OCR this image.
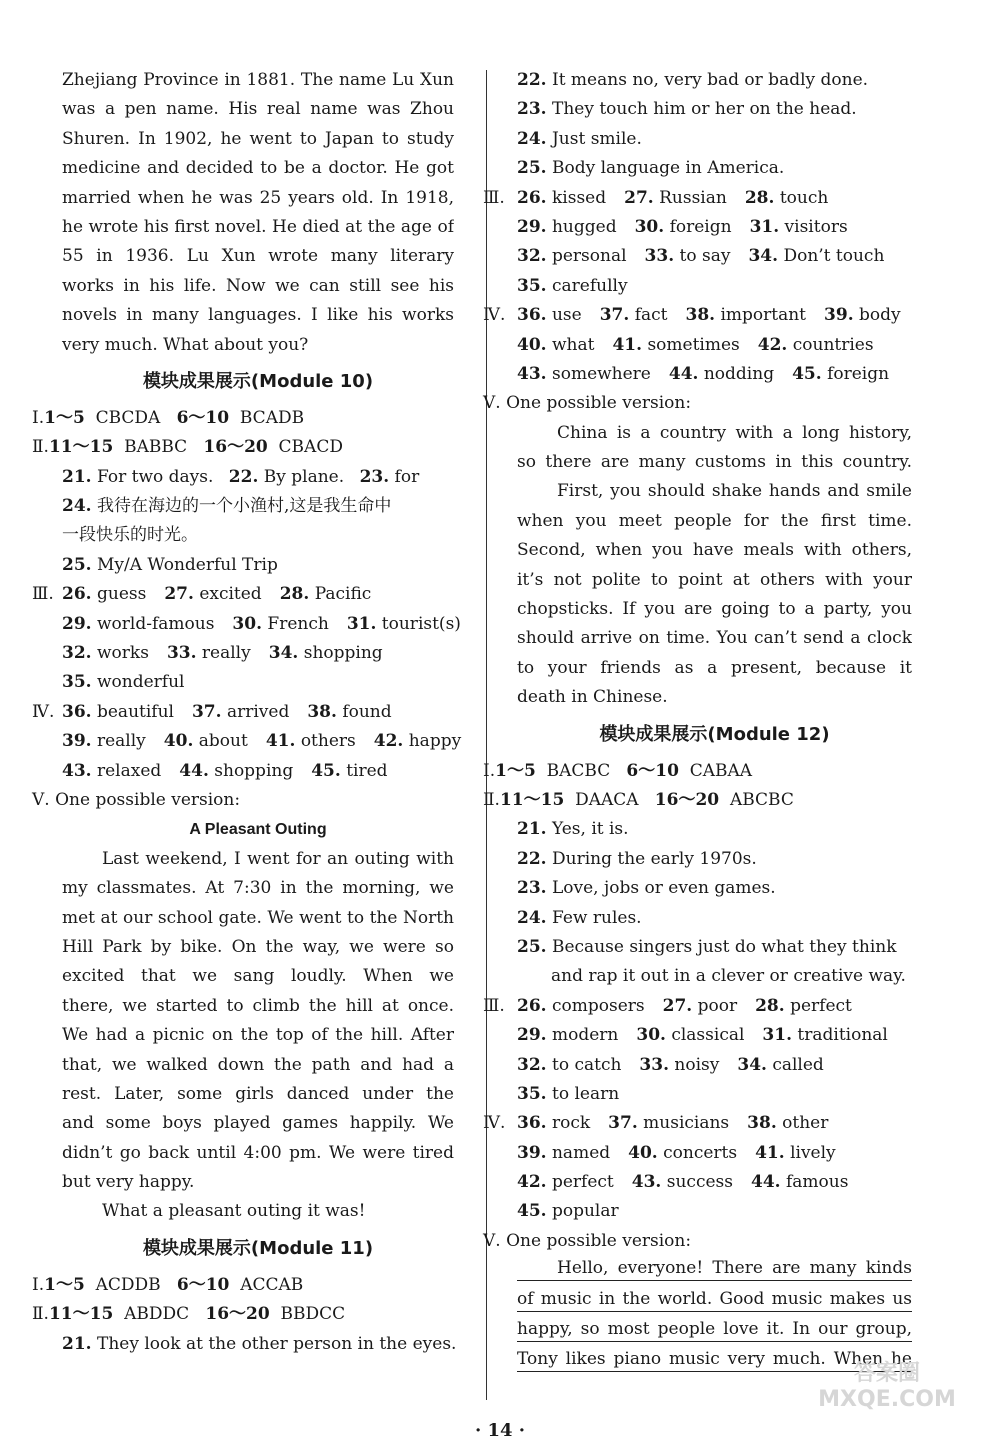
Zhejiang Province in 1881. The name Lu Xun
was a pen name. His real name was Zhou
Shuren. In 1902, he went to Japan to study
medicine and decided to be a doctor. He got
married when he was 25 years old. In 1918,
he wrote his first novel. He died at the age of
55 in 1936. Lu Xun wrote many literary
works in his life. Now we can still see his
novels in many languages. I like his works
very much. What about you?
模块成果展示(Module 10)
Ⅰ.1～5 CBCDA 6～10 BCADB
Ⅱ.11～15 BABBC 16～20 CBACD
21. For two days. 22. By plane. 23. for
24. 我待在海边的一个小渔村,这是我生命中
一段快乐的时光。
25. My/A Wonderful Trip
Ⅲ. 26. guess 27. excited 28. Pacific
29. world-famous 30. French 31. tourist(s)
32. works 33. really 34. shopping
35. wonderful
Ⅳ. 36. beautiful 37. arrived 38. found
39. really 40. about 41. others 42. happy
43. relaxed 44. shopping 45. tired
Ⅴ. One possible version:
A Pleasant Outing
Last weekend, I went for an outing with
my classmates. At 7:30 in the morning, we
met at our school gate. We went to the North
Hill Park by bike. On the way, we were so
excited that we sang loudly. When we
there, we started to climb the hill at once.
We had a picnic on the top of the hill. After
that, we walked down the path and had a
rest. Later, some girls danced under the
and some boys played games happily. We
didn’t go back until 4:00 pm. We were tired
but very happy.
What a pleasant outing it was!
模块成果展示(Module 11)
Ⅰ.1～5 ACDDB 6～10 ACCAB
Ⅱ.11～15 ABDDC 16～20 BBDCC
21. They look at the other person in the eyes.
22. It means no, very bad or badly done.
23. They touch him or her on the head.
24. Just smile.
25. Body language in America.
Ⅲ. 26. kissed 27. Russian 28. touch
29. hugged 30. foreign 31. visitors
32. personal 33. to say 34. Don’t touch
35. carefully
Ⅳ. 36. use 37. fact 38. important 39. body
40. what 41. sometimes 42. countries
43. somewhere 44. nodding 45. foreign
Ⅴ. One possible version:
China is a country with a long history,
so there are many customs in this country.
First, you should shake hands and smile
when you meet people for the first time.
Second, when you have meals with others,
it’s not polite to point at others with your
chopsticks. If you are going to a party, you
should arrive on time. You can’t send a clock
to your friends as a present, because it
death in Chinese.
模块成果展示(Module 12)
Ⅰ.1～5 BACBC 6～10 CABAA
Ⅱ.11～15 DAACA 16～20 ABCBC
21. Yes, it is.
22. During the early 1970s.
23. Love, jobs or even games.
24. Few rules.
25. Because singers just do what they think
and rap it out in a clever or creative way.
Ⅲ. 26. composers 27. poor 28. perfect
29. modern 30. classical 31. traditional
32. to catch 33. noisy 34. called
35. to learn
Ⅳ. 36. rock 37. musicians 38. other
39. named 40. concerts 41. lively
42. perfect 43. success 44. famous
45. popular
Ⅴ. One possible version:
Hello, everyone! There are many kinds
of music in the world. Good music makes us
happy, so most people love it. In our group,
Tony likes piano music very much. When he
· 14 ·
答案圈 MXQE.COM
